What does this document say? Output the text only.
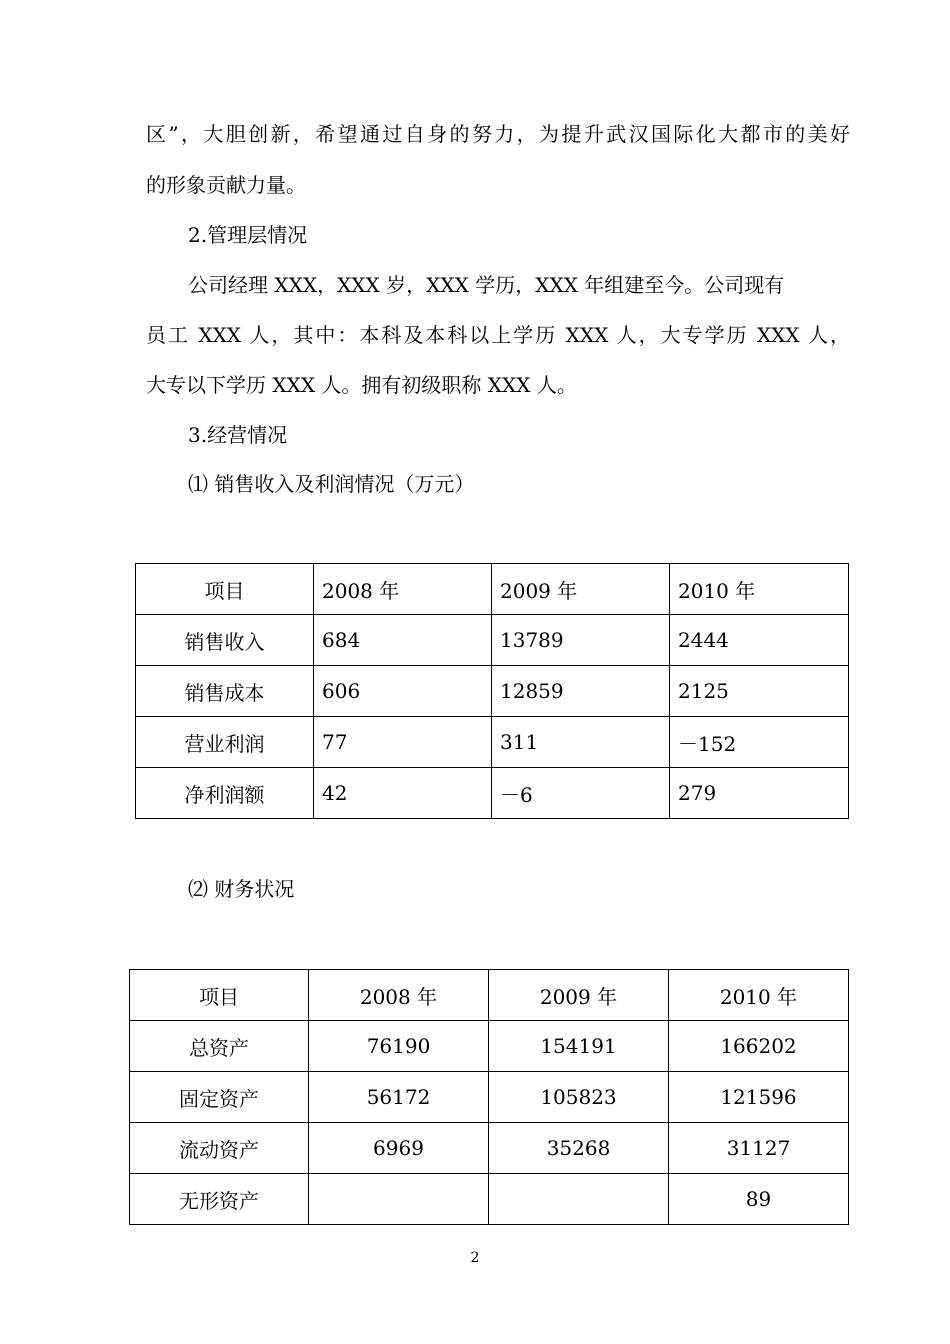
区”，大胆创新，希望通过自身的努力，为提升武汉国际化大都市的美好
的形象贡献力量。
2.管理层情况
公司经理 XXX，XXX 岁，XXX 学历，XXX 年组建至今。公司现有
员工 XXX 人，其中：本科及本科以上学历 XXX 人，大专学历 XXX 人，
大专以下学历 XXX 人。拥有初级职称 XXX 人。
3.经营情况
⑴ 销售收入及利润情况（万元）
项目	2008 年	2009 年	2010 年
销售收入	684	13789	2444
销售成本	606	12859	2125
营业利润	77	311	－152
净利润额	42	－6	279
⑵ 财务状况
项目	2008 年	2009 年	2010 年
总资产	76190	154191	166202
固定资产	56172	105823	121596
流动资产	6969	35268	31127
无形资产			89
2
